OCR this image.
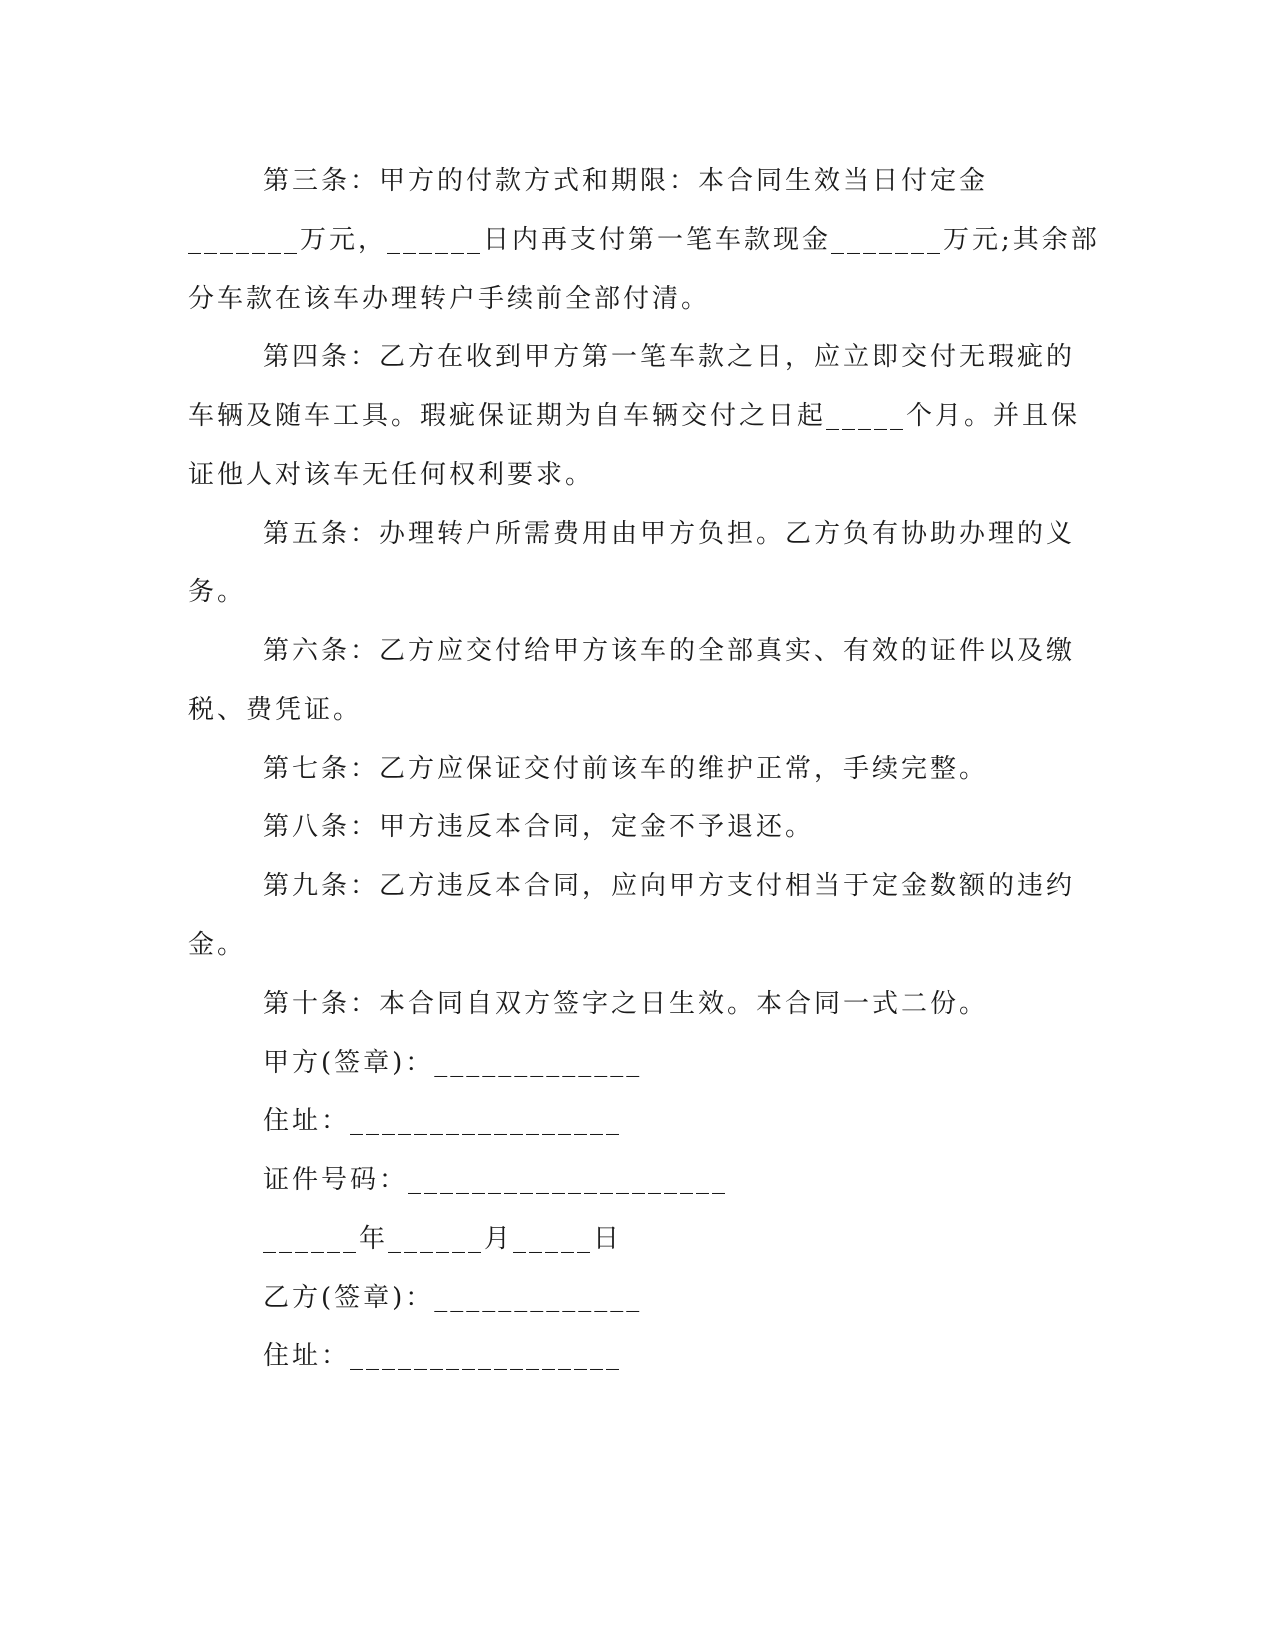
第三条：甲方的付款方式和期限：本合同生效当日付定金
_______万元，______日内再支付第一笔车款现金_______万元;其余部
分车款在该车办理转户手续前全部付清。
第四条：乙方在收到甲方第一笔车款之日，应立即交付无瑕疵的
车辆及随车工具。瑕疵保证期为自车辆交付之日起_____个月。并且保
证他人对该车无任何权利要求。
第五条：办理转户所需费用由甲方负担。乙方负有协助办理的义
务。
第六条：乙方应交付给甲方该车的全部真实、有效的证件以及缴
税、费凭证。
第七条：乙方应保证交付前该车的维护正常，手续完整。
第八条：甲方违反本合同，定金不予退还。
第九条：乙方违反本合同，应向甲方支付相当于定金数额的违约
金。
第十条：本合同自双方签字之日生效。本合同一式二份。
甲方(签章)：_____________
住址：_________________
证件号码：____________________
______年______月_____日
乙方(签章)：_____________
住址：_________________
